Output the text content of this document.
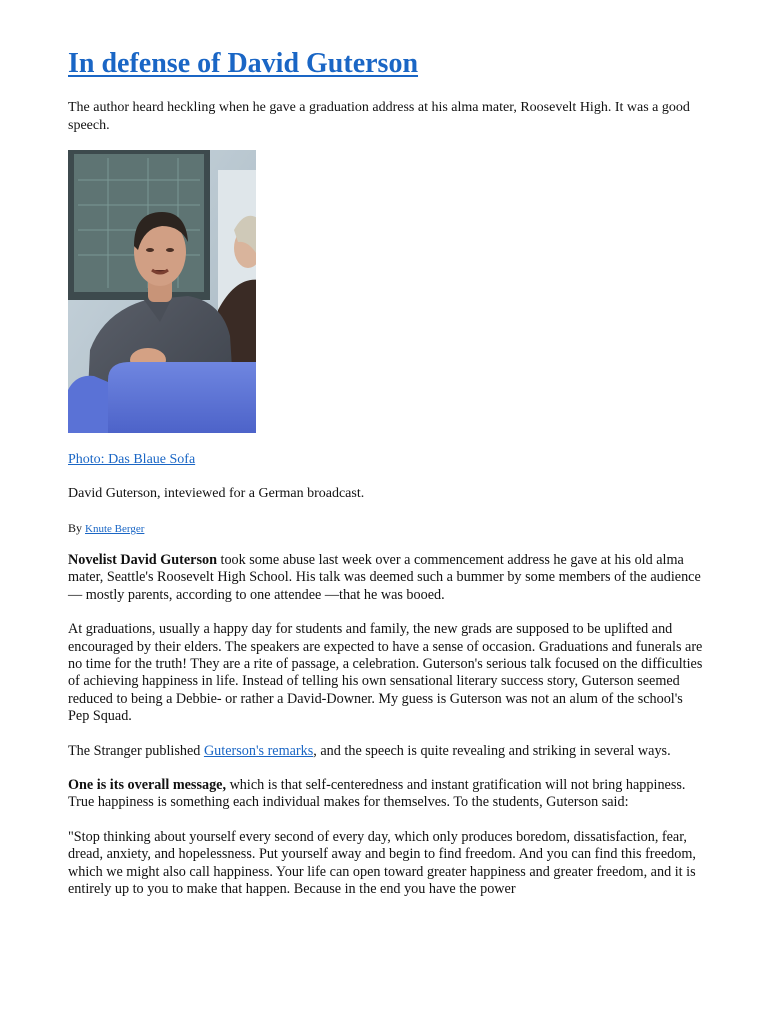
In defense of David Guterson

The author heard heckling when he gave a graduation address at his alma mater, Roosevelt High. It was a good speech.

Photo: Das Blaue Sofa
David Guterson, inteviewed for a German broadcast.
By Knute Berger

Novelist David Guterson took some abuse last week over a commencement address he gave at his old alma mater, Seattle's Roosevelt High School. His talk was deemed such a bummer by some members of the audience — mostly parents, according to one attendee —that he was booed.

At graduations, usually a happy day for students and family, the new grads are supposed to be uplifted and encouraged by their elders. The speakers are expected to have a sense of occasion. Graduations and funerals are no time for the truth! They are a rite of passage, a celebration. Guterson's serious talk focused on the difficulties of achieving happiness in life. Instead of telling his own sensational literary success story, Guterson seemed reduced to being a Debbie- or rather a David-Downer. My guess is Guterson was not an alum of the school's Pep Squad.

The Stranger published Guterson's remarks, and the speech is quite revealing and striking in several ways.

One is its overall message, which is that self-centeredness and instant gratification will not bring happiness. True happiness is something each individual makes for themselves. To the students, Guterson said:

"Stop thinking about yourself every second of every day, which only produces boredom, dissatisfaction, fear, dread, anxiety, and hopelessness. Put yourself away and begin to find freedom. And you can find this freedom, which we might also call happiness. Your life can open toward greater happiness and greater freedom, and it is entirely up to you to make that happen. Because in the end you have the power
